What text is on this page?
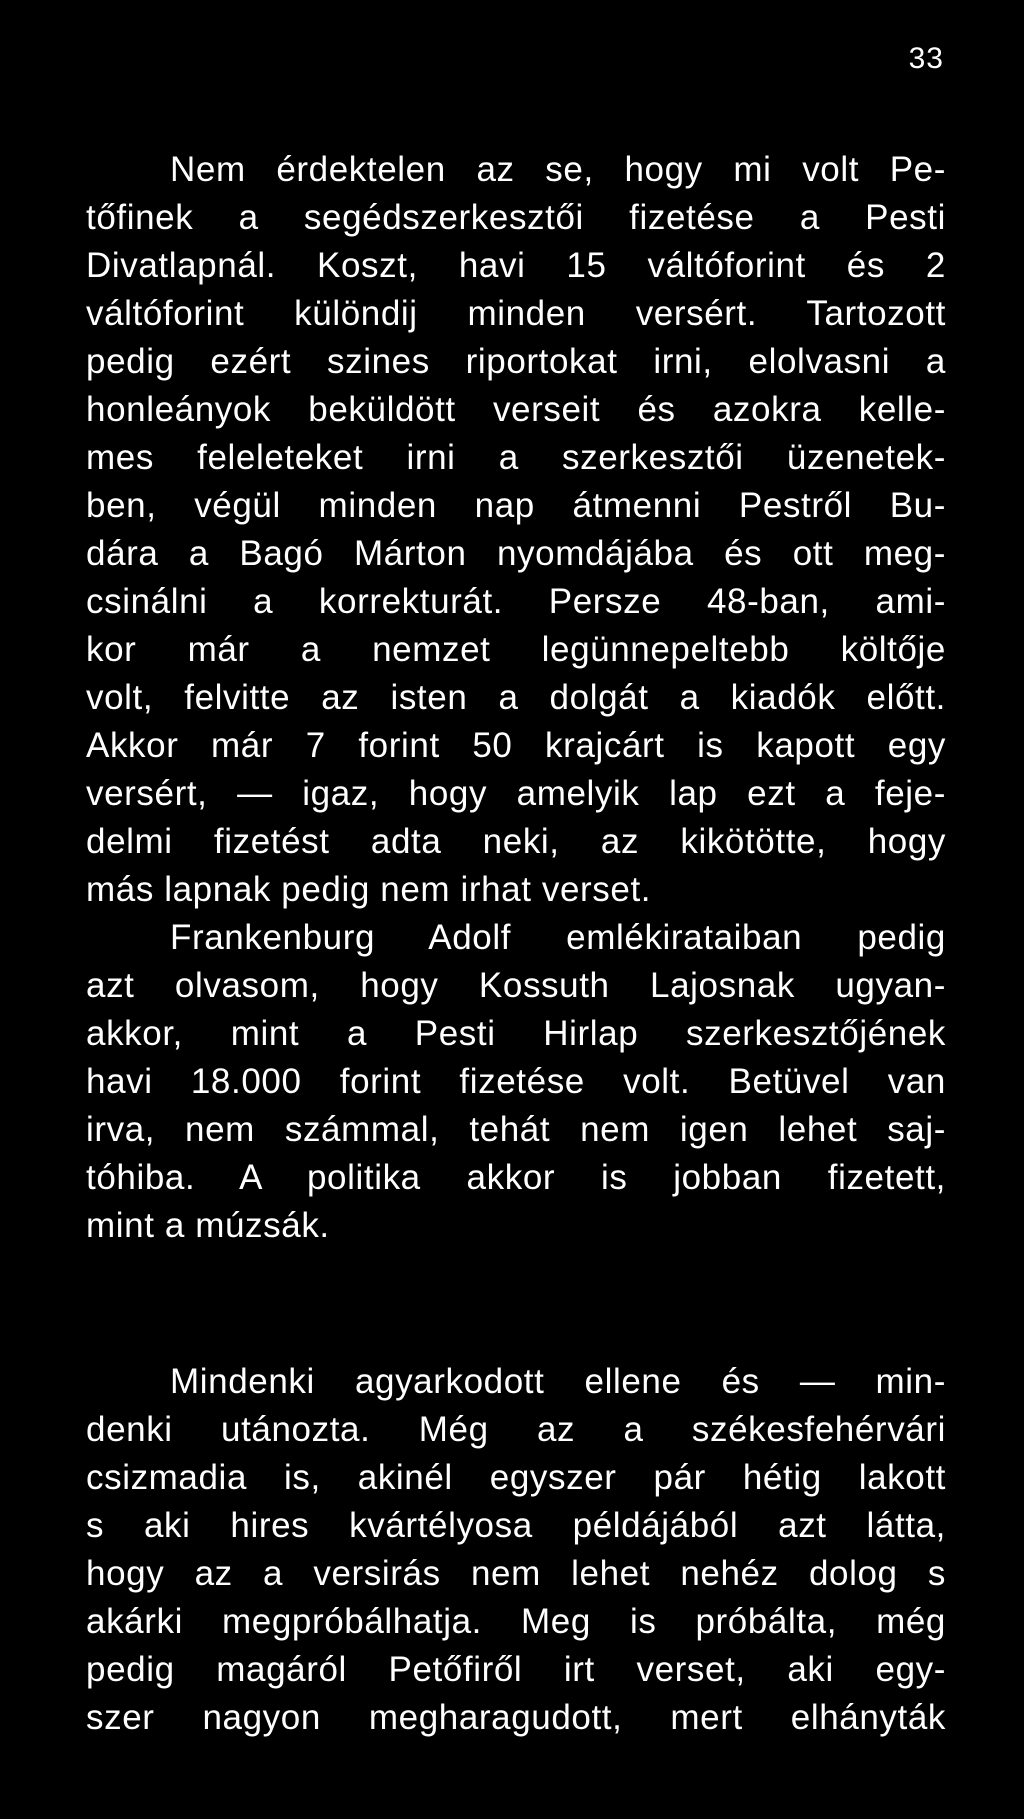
33
Nem érdektelen az se, hogy mi volt Pe-
tőfinek a segédszerkesztői fizetése a Pesti
Divatlapnál. Koszt, havi 15 váltóforint és 2
váltóforint különdij minden versért. Tartozott
pedig ezért szines riportokat irni, elolvasni a
honleányok beküldött verseit és azokra kelle-
mes feleleteket irni a szerkesztői üzenetek-
ben, végül minden nap átmenni Pestről Bu-
dára a Bagó Márton nyomdájába és ott meg-
csinálni a korrekturát. Persze 48-ban, ami-
kor már a nemzet legünnepeltebb költője
volt, felvitte az isten a dolgát a kiadók előtt.
Akkor már 7 forint 50 krajcárt is kapott egy
versért, — igaz, hogy amelyik lap ezt a feje-
delmi fizetést adta neki, az kikötötte, hogy
más lapnak pedig nem irhat verset.
Frankenburg Adolf emlékirataiban pedig
azt olvasom, hogy Kossuth Lajosnak ugyan-
akkor, mint a Pesti Hirlap szerkesztőjének
havi 18.000 forint fizetése volt. Betüvel van
irva, nem számmal, tehát nem igen lehet saj-
tóhiba. A politika akkor is jobban fizetett,
mint a múzsák.
Mindenki agyarkodott ellene és — min-
denki utánozta. Még az a székesfehérvári
csizmadia is, akinél egyszer pár hétig lakott
s aki hires kvártélyosa példájából azt látta,
hogy az a versirás nem lehet nehéz dolog s
akárki megpróbálhatja. Meg is próbálta, még
pedig magáról Petőfiről irt verset, aki egy-
szer nagyon megharagudott, mert elhányták
